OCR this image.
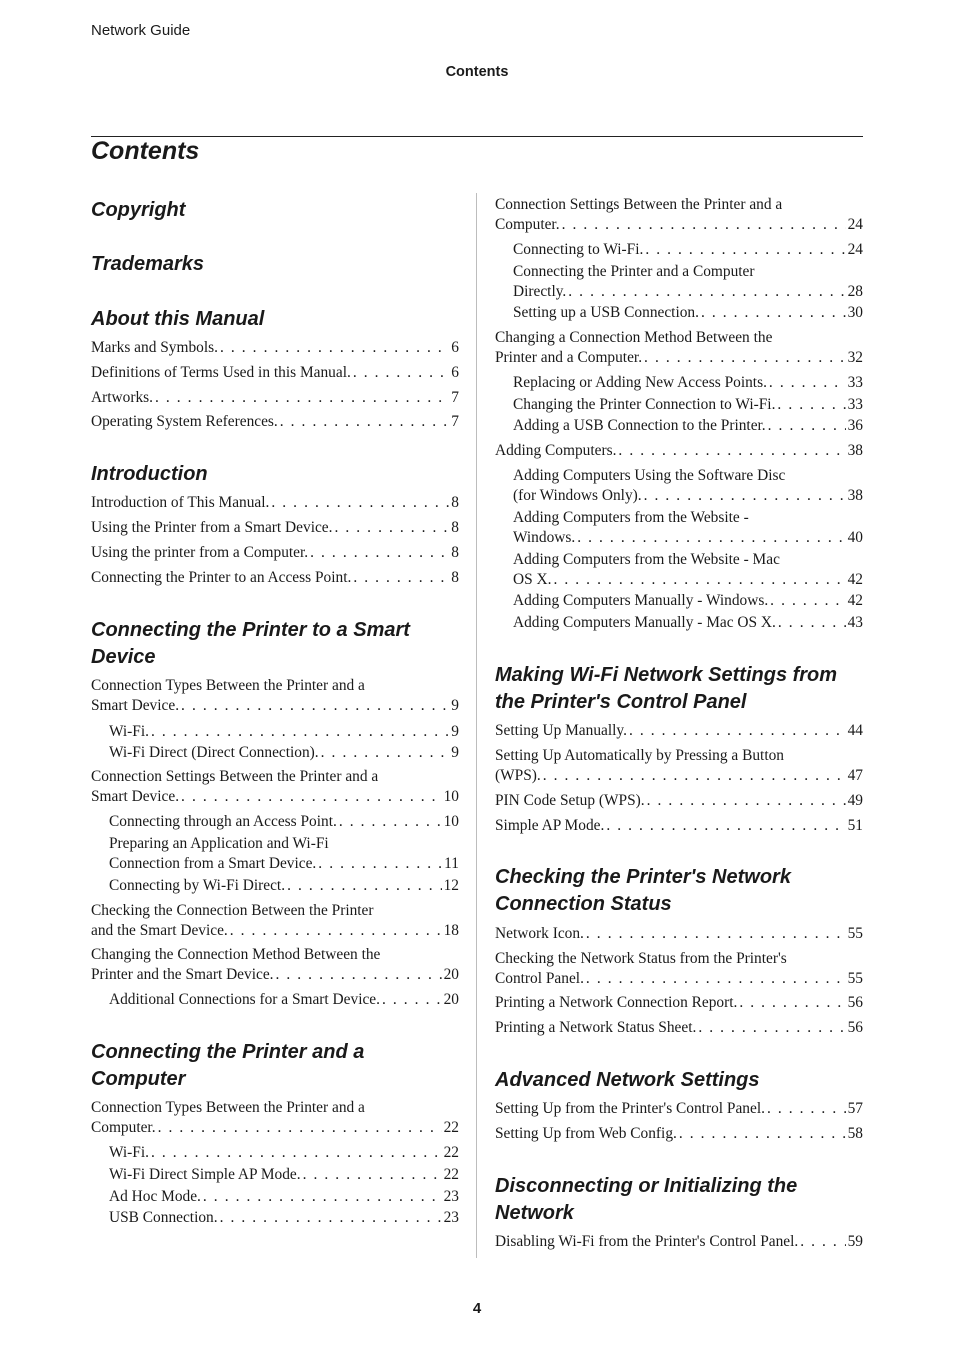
Network Guide
Contents
Contents
Copyright
Trademarks
About this Manual
Marks and Symbols. . . .	6
Definitions of Terms Used in this Manual. . . .	6
Artworks. . . .	7
Operating System References. . . .	7
Introduction
Introduction of This Manual. . . .	8
Using the Printer from a Smart Device. . . .	8
Using the printer from a Computer. . . .	8
Connecting the Printer to an Access Point. . . .	8
Connecting the Printer to a Smart
Device
Connection Types Between the Printer and a
Smart Device. . . .	9
Wi-Fi. . . .	9
Wi-Fi Direct (Direct Connection). . . .	9
Connection Settings Between the Printer and a
Smart Device. . . .	10
Connecting through an Access Point. . . .	10
Preparing an Application and Wi-Fi
Connection from a Smart Device. . . .	11
Connecting by Wi-Fi Direct. . . .	12
Checking the Connection Between the Printer
and the Smart Device. . . .	18
Changing the Connection Method Between the
Printer and the Smart Device. . . .	20
Additional Connections for a Smart Device. . . .	20
Connecting the Printer and a
Computer
Connection Types Between the Printer and a
Computer. . . .	22
Wi-Fi. . . .	22
Wi-Fi Direct Simple AP Mode. . . .	22
Ad Hoc Mode. . . .	23
USB Connection. . . .	23
Connection Settings Between the Printer and a
Computer. . . .	24
Connecting to Wi-Fi. . . .	24
Connecting the Printer and a Computer
Directly. . . .	28
Setting up a USB Connection. . . .	30
Changing a Connection Method Between the
Printer and a Computer. . . .	32
Replacing or Adding New Access Points. . . .	33
Changing the Printer Connection to Wi-Fi. . . .	33
Adding a USB Connection to the Printer. . . .	36
Adding Computers. . . .	38
Adding Computers Using the Software Disc
(for Windows Only). . . .	38
Adding Computers from the Website -
Windows. . . .	40
Adding Computers from the Website - Mac
OS X. . . .	42
Adding Computers Manually - Windows. . . .	42
Adding Computers Manually - Mac OS X. . . .	43
Making Wi-Fi Network Settings from
the Printer's Control Panel
Setting Up Manually. . . .	44
Setting Up Automatically by Pressing a Button
(WPS). . . .	47
PIN Code Setup (WPS). . . .	49
Simple AP Mode. . . .	51
Checking the Printer's Network
Connection Status
Network Icon. . . .	55
Checking the Network Status from the Printer's
Control Panel. . . .	55
Printing a Network Connection Report. . . .	56
Printing a Network Status Sheet. . . .	56
Advanced Network Settings
Setting Up from the Printer's Control Panel. . . .	57
Setting Up from Web Config. . . .	58
Disconnecting or Initializing the
Network
Disabling Wi-Fi from the Printer's Control Panel. . . .	59
4
